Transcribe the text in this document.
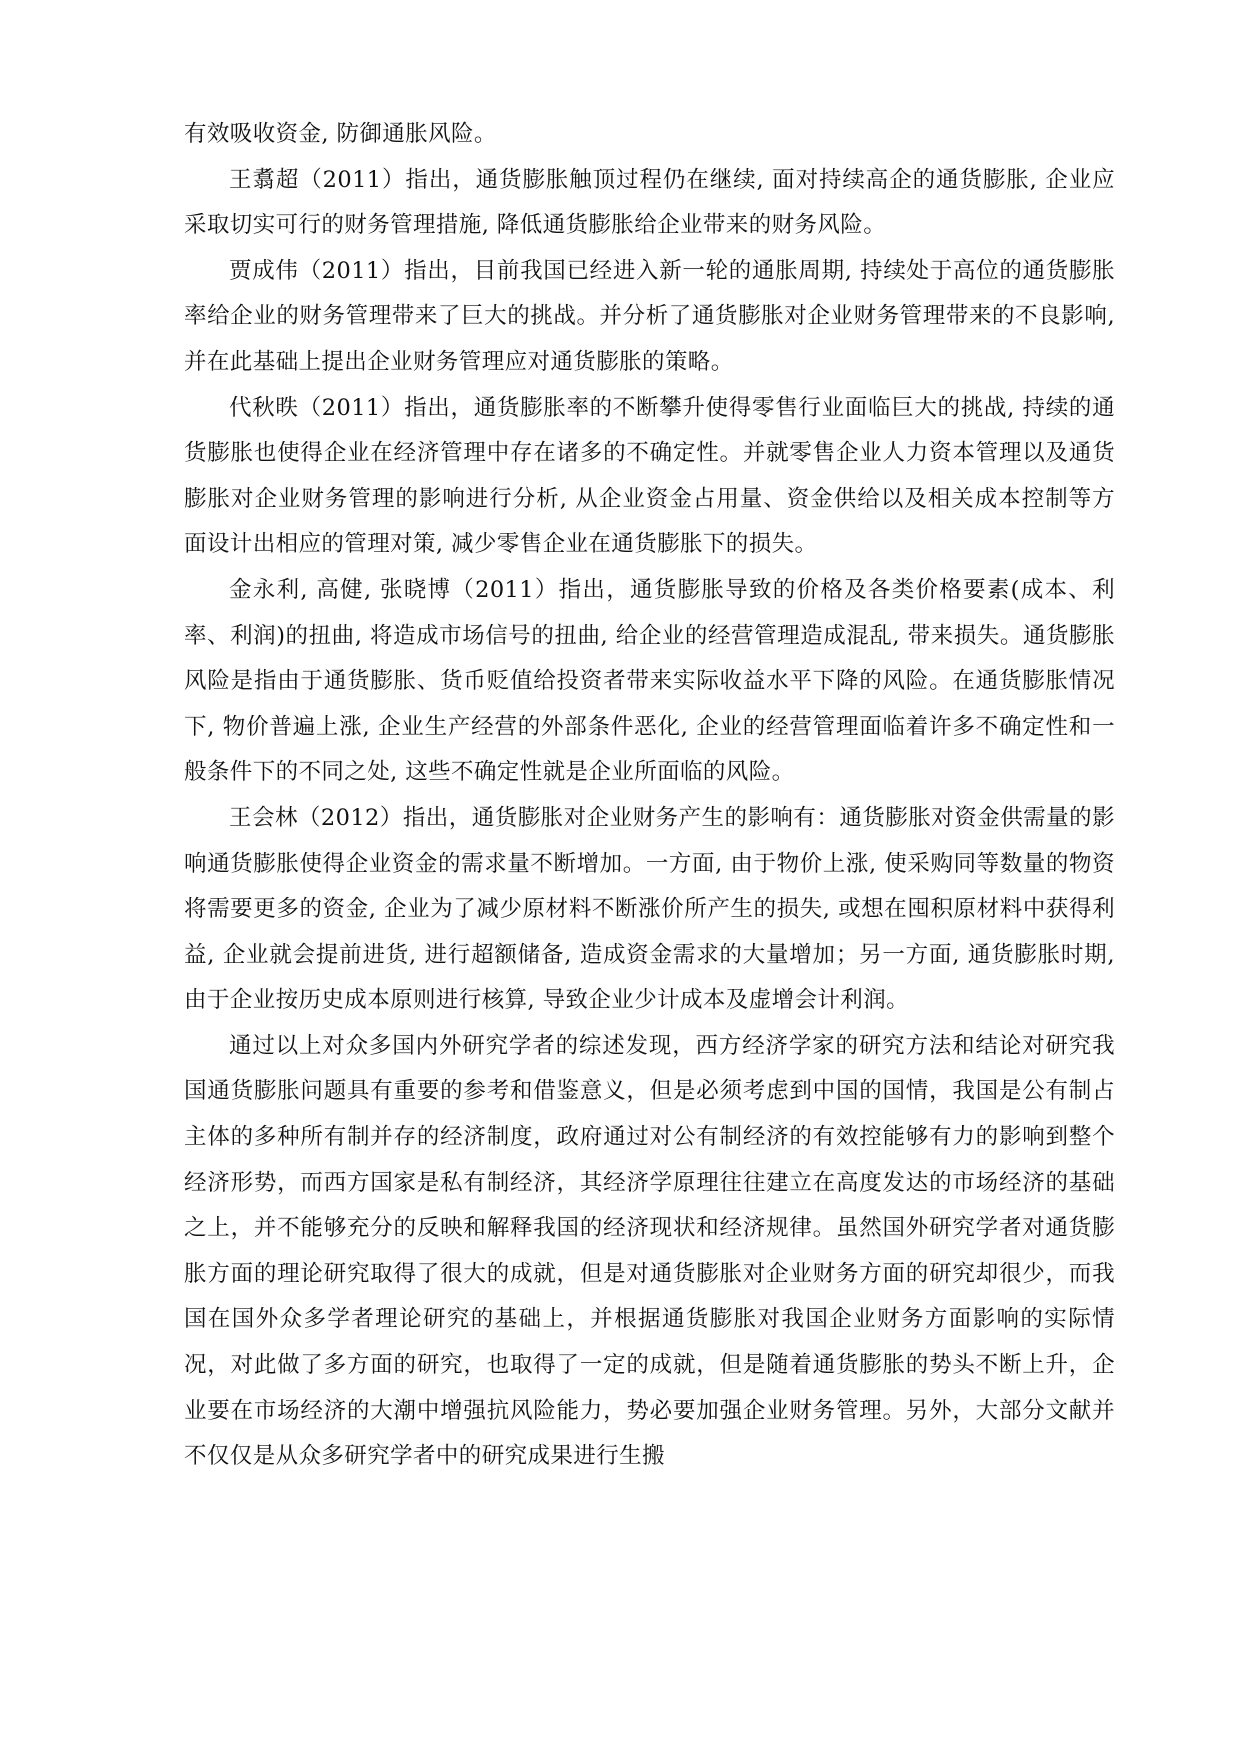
有效吸收资金, 防御通胀风险。

王翥超（2011）指出，通货膨胀触顶过程仍在继续, 面对持续高企的通货膨胀, 企业应采取切实可行的财务管理措施, 降低通货膨胀给企业带来的财务风险。

贾成伟（2011）指出，目前我国已经进入新一轮的通胀周期, 持续处于高位的通货膨胀率给企业的财务管理带来了巨大的挑战。并分析了通货膨胀对企业财务管理带来的不良影响, 并在此基础上提出企业财务管理应对通货膨胀的策略。

代秋昳（2011）指出，通货膨胀率的不断攀升使得零售行业面临巨大的挑战, 持续的通货膨胀也使得企业在经济管理中存在诸多的不确定性。并就零售企业人力资本管理以及通货膨胀对企业财务管理的影响进行分析, 从企业资金占用量、资金供给以及相关成本控制等方面设计出相应的管理对策, 减少零售企业在通货膨胀下的损失。

金永利, 高健, 张晓博（2011）指出，通货膨胀导致的价格及各类价格要素(成本、利率、利润)的扭曲, 将造成市场信号的扭曲, 给企业的经营管理造成混乱, 带来损失。通货膨胀风险是指由于通货膨胀、货币贬值给投资者带来实际收益水平下降的风险。在通货膨胀情况下, 物价普遍上涨, 企业生产经营的外部条件恶化, 企业的经营管理面临着许多不确定性和一般条件下的不同之处, 这些不确定性就是企业所面临的风险。

王会林（2012）指出，通货膨胀对企业财务产生的影响有：通货膨胀对资金供需量的影响通货膨胀使得企业资金的需求量不断增加。一方面, 由于物价上涨, 使采购同等数量的物资将需要更多的资金, 企业为了减少原材料不断涨价所产生的损失, 或想在囤积原材料中获得利益, 企业就会提前进货, 进行超额储备, 造成资金需求的大量增加；另一方面, 通货膨胀时期, 由于企业按历史成本原则进行核算, 导致企业少计成本及虚增会计利润。

通过以上对众多国内外研究学者的综述发现，西方经济学家的研究方法和结论对研究我国通货膨胀问题具有重要的参考和借鉴意义，但是必须考虑到中国的国情，我国是公有制占主体的多种所有制并存的经济制度，政府通过对公有制经济的有效控能够有力的影响到整个经济形势，而西方国家是私有制经济，其经济学原理往往建立在高度发达的市场经济的基础之上，并不能够充分的反映和解释我国的经济现状和经济规律。虽然国外研究学者对通货膨胀方面的理论研究取得了很大的成就，但是对通货膨胀对企业财务方面的研究却很少，而我国在国外众多学者理论研究的基础上，并根据通货膨胀对我国企业财务方面影响的实际情况，对此做了多方面的研究，也取得了一定的成就，但是随着通货膨胀的势头不断上升，企业要在市场经济的大潮中增强抗风险能力，势必要加强企业财务管理。另外，大部分文献并不仅仅是从众多研究学者中的研究成果进行生搬
